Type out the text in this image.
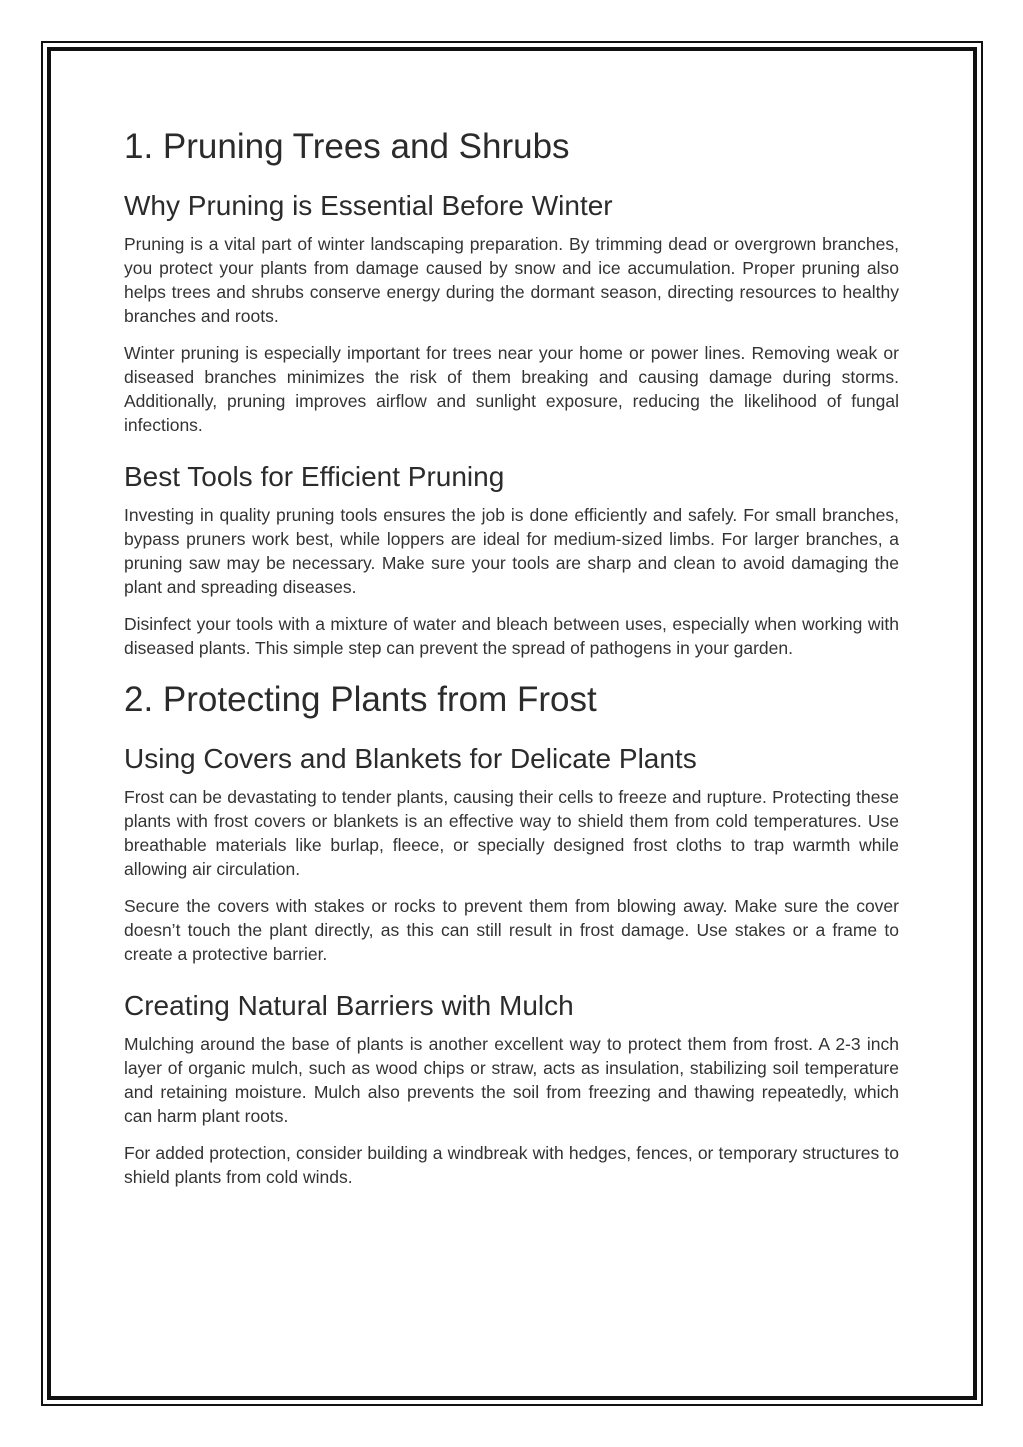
1. Pruning Trees and Shrubs
Why Pruning is Essential Before Winter

Pruning is a vital part of winter landscaping preparation. By trimming dead or overgrown branches, you protect your plants from damage caused by snow and ice accumulation. Proper pruning also helps trees and shrubs conserve energy during the dormant season, directing resources to healthy branches and roots.

Winter pruning is especially important for trees near your home or power lines. Removing weak or diseased branches minimizes the risk of them breaking and causing damage during storms. Additionally, pruning improves airflow and sunlight exposure, reducing the likelihood of fungal infections.

Best Tools for Efficient Pruning

Investing in quality pruning tools ensures the job is done efficiently and safely. For small branches, bypass pruners work best, while loppers are ideal for medium-sized limbs. For larger branches, a pruning saw may be necessary. Make sure your tools are sharp and clean to avoid damaging the plant and spreading diseases.

Disinfect your tools with a mixture of water and bleach between uses, especially when working with diseased plants. This simple step can prevent the spread of pathogens in your garden.

2. Protecting Plants from Frost
Using Covers and Blankets for Delicate Plants

Frost can be devastating to tender plants, causing their cells to freeze and rupture. Protecting these plants with frost covers or blankets is an effective way to shield them from cold temperatures. Use breathable materials like burlap, fleece, or specially designed frost cloths to trap warmth while allowing air circulation.

Secure the covers with stakes or rocks to prevent them from blowing away. Make sure the cover doesn’t touch the plant directly, as this can still result in frost damage. Use stakes or a frame to create a protective barrier.

Creating Natural Barriers with Mulch

Mulching around the base of plants is another excellent way to protect them from frost. A 2-3 inch layer of organic mulch, such as wood chips or straw, acts as insulation, stabilizing soil temperature and retaining moisture. Mulch also prevents the soil from freezing and thawing repeatedly, which can harm plant roots.

For added protection, consider building a windbreak with hedges, fences, or temporary structures to shield plants from cold winds.
